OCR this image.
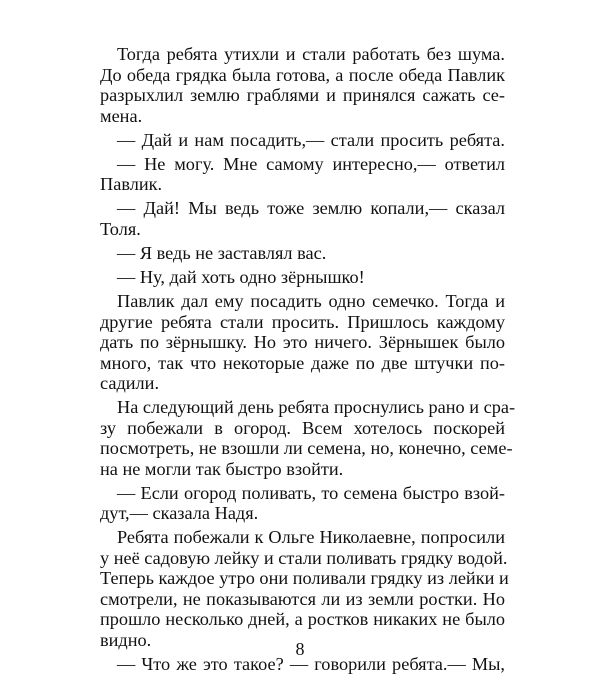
Тогда ребята утихли и стали работать без шума.
До обеда грядка была готова, а после обеда Павлик
разрыхлил землю граблями и принялся сажать се-
мена.
— Дай и нам посадить,— стали просить ребята.
— Не могу. Мне самому интересно,— ответил
Павлик.
— Дай! Мы ведь тоже землю копали,— сказал
Толя.
— Я ведь не заставлял вас.
— Ну, дай хоть одно зёрнышко!
Павлик дал ему посадить одно семечко. Тогда и
другие ребята стали просить. Пришлось каждому
дать по зёрнышку. Но это ничего. Зёрнышек было
много, так что некоторые даже по две штучки по-
садили.
На следующий день ребята проснулись рано и сра-
зу побежали в огород. Всем хотелось поскорей
посмотреть, не взошли ли семена, но, конечно, семе-
на не могли так быстро взойти.
— Если огород поливать, то семена быстро взой-
дут,— сказала Надя.
Ребята побежали к Ольге Николаевне, попросили
у неё садовую лейку и стали поливать грядку водой.
Теперь каждое утро они поливали грядку из лейки и
смотрели, не показываются ли из земли ростки. Но
прошло несколько дней, а ростков никаких не было
видно.
— Что же это такое? — говорили ребята.— Мы,
8
